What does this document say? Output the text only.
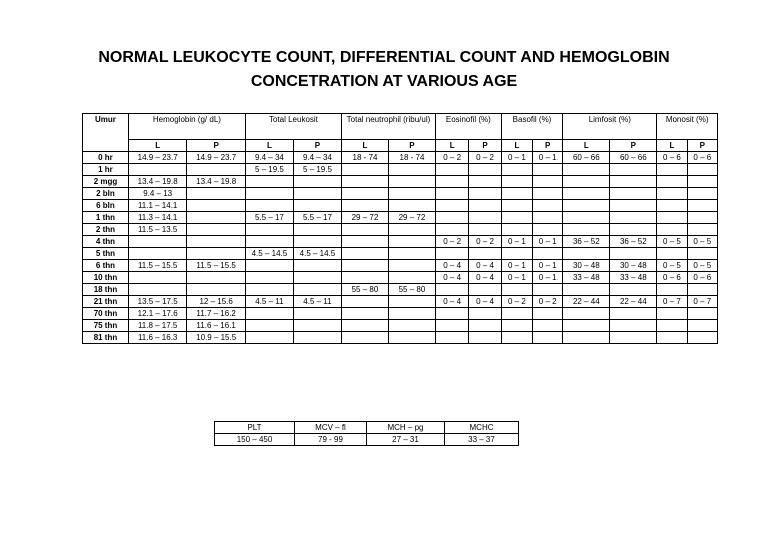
NORMAL LEUKOCYTE COUNT, DIFFERENTIAL COUNT AND HEMOGLOBIN
CONCETRATION AT VARIOUS AGE
Umur	Hemoglobin (g/ dL)		Total Leukosit		Total neutrophil (ribu/ul)		Eosinofil (%)		Basofil (%)		Limfosit (%)		Monosit (%)	
	L	P	L	P	L	P	L	P	L	P	L	P	L	P
0 hr	14.9 – 23.7	14.9 – 23.7	9.4 – 34	9.4 – 34	18 - 74	18 - 74	0 – 2	0 – 2	0 – 1	0 – 1	60 – 66	60 – 66	0 – 6	0 – 6
1 hr			5 – 19.5	5 – 19.5										
2 mgg	13.4 – 19.8	13.4 – 19.8												
2 bln	9.4 – 13													
6 bln	11.1 – 14.1													
1 thn	11.3 – 14.1		5.5 – 17	5.5 – 17	29 – 72	29 – 72								
2 thn	11.5 – 13.5													
4 thn							0 – 2	0 – 2	0 – 1	0 – 1	36 – 52	36 – 52	0 – 5	0 – 5
5 thn			4.5 – 14.5	4.5 – 14.5										
6 thn	11.5 – 15.5	11.5 – 15.5					0 – 4	0 – 4	0 – 1	0 – 1	30 – 48	30 – 48	0 – 5	0 – 5
10 thn							0 – 4	0 – 4	0 – 1	0 – 1	33 – 48	33 – 48	0 – 6	0 – 6
18 thn					55 – 80	55 – 80								
21 thn	13.5 – 17.5	12 – 15.6	4.5 – 11	4.5 – 11			0 – 4	0 – 4	0 – 2	0 – 2	22 – 44	22 – 44	0 – 7	0 – 7
70 thn	12.1 – 17.6	11.7 – 16.2												
75 thn	11.8 – 17.5	11.6 – 16.1												
81 thn	11.6 – 16.3	10.9 – 15.5												
PLT	MCV – fl	MCH – pg	MCHC
150 – 450	79 - 99	27 – 31	33 – 37
